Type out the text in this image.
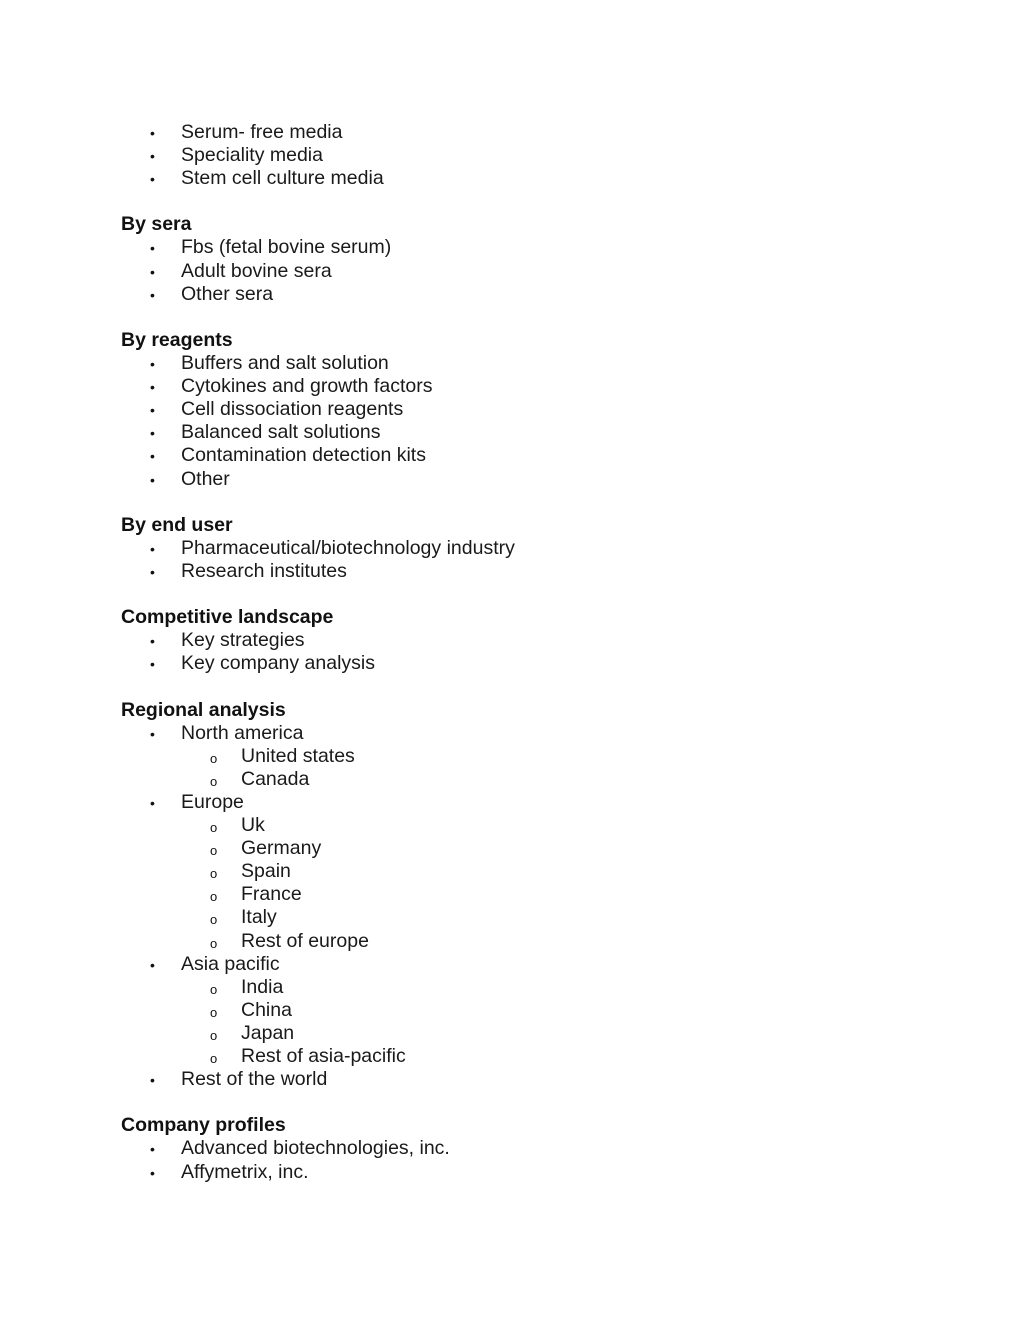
• Serum- free media
• Speciality media
• Stem cell culture media
By sera
• Fbs (fetal bovine serum)
• Adult bovine sera
• Other sera
By reagents
• Buffers and salt solution
• Cytokines and growth factors
• Cell dissociation reagents
• Balanced salt solutions
• Contamination detection kits
• Other
By end user
• Pharmaceutical/biotechnology industry
• Research institutes
Competitive landscape
• Key strategies
• Key company analysis
Regional analysis
• North america
o United states
o Canada
• Europe
o Uk
o Germany
o Spain
o France
o Italy
o Rest of europe
• Asia pacific
o India
o China
o Japan
o Rest of asia-pacific
• Rest of the world
Company profiles
• Advanced biotechnologies, inc.
• Affymetrix, inc.
